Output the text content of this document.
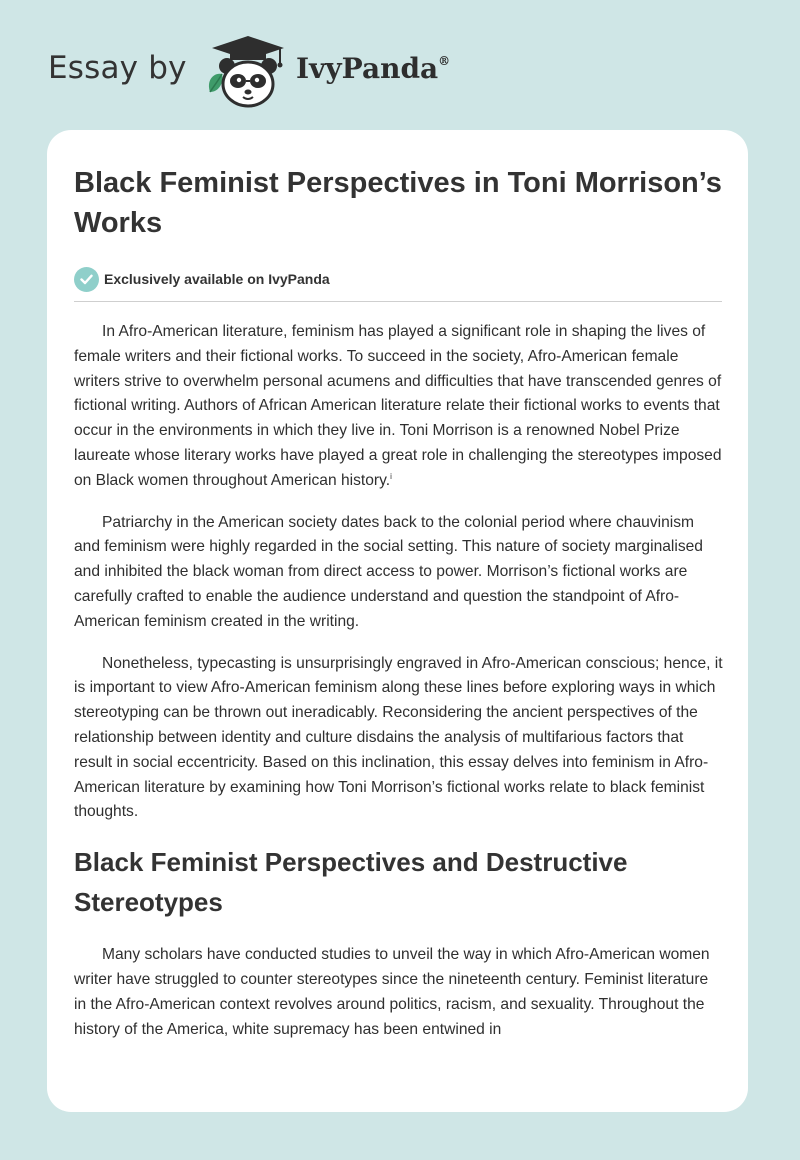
Essay by	IvyPanda®
Black Feminist Perspectives in Toni Morrison’s Works
Exclusively available on IvyPanda

In Afro-American literature, feminism has played a significant role in shaping the lives of female writers and their fictional works. To succeed in the society, Afro-American female writers strive to overwhelm personal acumens and difficulties that have transcended genres of fictional writing. Authors of African American literature relate their fictional works to events that occur in the environments in which they live in. Toni Morrison is a renowned Nobel Prize laureate whose literary works have played a great role in challenging the stereotypes imposed on Black women throughout American history.$^i$

Patriarchy in the American society dates back to the colonial period where chauvinism and feminism were highly regarded in the social setting. This nature of society marginalised and inhibited the black woman from direct access to power. Morrison’s fictional works are carefully crafted to enable the audience understand and question the standpoint of Afro-American feminism created in the writing.

Nonetheless, typecasting is unsurprisingly engraved in Afro-American conscious; hence, it is important to view Afro-American feminism along these lines before exploring ways in which stereotyping can be thrown out ineradicably. Reconsidering the ancient perspectives of the relationship between identity and culture disdains the analysis of multifarious factors that result in social eccentricity. Based on this inclination, this essay delves into feminism in Afro-American literature by examining how Toni Morrison’s fictional works relate to black feminist thoughts.

Black Feminist Perspectives and Destructive Stereotypes

Many scholars have conducted studies to unveil the way in which Afro-American women writer have struggled to counter stereotypes since the nineteenth century. Feminist literature in the Afro-American context revolves around politics, racism, and sexuality. Throughout the history of the America, white supremacy has been entwined in
